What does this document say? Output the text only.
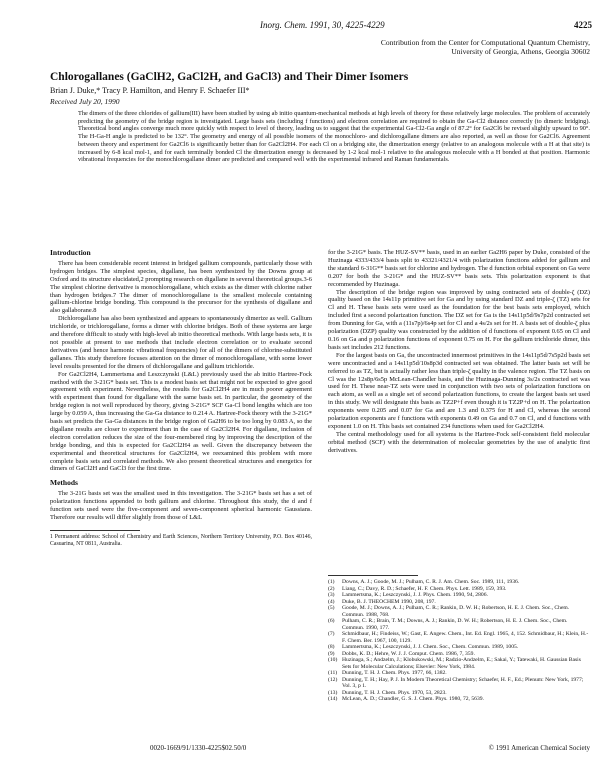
Inorg. Chem. 1991, 30, 4225-4229	4225
Contribution from the Center for Computational Quantum Chemistry,
University of Georgia, Athens, Georgia 30602
Chlorogallanes (GaClH2, GaCl2H, and GaCl3) and Their Dimer Isomers
Brian J. Duke,* Tracy P. Hamilton, and Henry F. Schaefer III*
Received July 20, 1990
The dimers of the three chlorides of gallium(III) have been studied by using ab initio quantum-mechanical methods at high levels of theory for these relatively large molecules. The problem of accurately predicting the geometry of the bridge region is investigated. Large basis sets (including f functions) and electron correlation are required to obtain the Ga-Cl2 distance correctly (to dimeric bridging). Theoretical bond angles converge much more quickly with respect to level of theory, leading us to suggest that the experimental Ga-Cl2-Ga angle of 87.2° for Ga2Cl6 be revised slightly upward to 90°. The H-Ga-H angle is predicted to be 132°. The geometry and energy of all possible isomers of the monochloro- and dichlorogallane dimers are also reported, as well as those for Ga2Cl6. Agreement between theory and experiment for Ga2Cl6 is significantly better than for Ga2Cl2H4. For each Cl on a bridging site, the dimerization energy (relative to an analogous molecule with a H at that site) is increased by 6-8 kcal mol-1, and for each terminally bonded Cl the dimerization energy is decreased by 1-2 kcal mol-1 relative to the analogous molecule with a H bonded at that position. Harmonic vibrational frequencies for the monochlorogallane dimer are predicted and compared well with the experimental infrared and Raman fundamentals.
Introduction

There has been considerable recent interest in bridged gallium compounds, particularly those with hydrogen bridges. The simplest species, digallane, has been synthesized by the Downs group at Oxford and its structure elucidated,2 prompting research on digallane in several theoretical groups.3-6 The simplest chlorine derivative is monochlorogallane, which exists as the dimer with chlorine rather than hydrogen bridges.7 The dimer of monochlorogallane is the smallest molecule containing gallium-chlorine bridge bonding. This compound is the precursor for the synthesis of digallane and also gallaborane.8

Dichlorogallane has also been synthesized and appears to spontaneously dimerize as well. Gallium trichloride, or trichlorogallane, forms a dimer with chlorine bridges. Both of these systems are large and therefore difficult to study with high-level ab initio theoretical methods. With large basis sets, it is not possible at present to use methods that include electron correlation or to evaluate second derivatives (and hence harmonic vibrational frequencies) for all of the dimers of chlorine-substituted gallanes. This study therefore focuses attention on the dimer of monochlorogallane, with some lower level results presented for the dimers of dichlorogallane and gallium trichloride.

For Ga2Cl2H4, Lammertsma and Leszczynski (L&L) previously used the ab initio Hartree-Fock method with the 3-21G* basis set. This is a modest basis set that might not be expected to give good agreement with experiment. Nevertheless, the results for Ga2Cl2H4 are in much poorer agreement with experiment than found for digallane with the same basis set. In particular, the geometry of the bridge region is not well reproduced by theory, giving 3-21G* SCF Ga-Cl bond lengths which are too large by 0.059 A, thus increasing the Ga-Ga distance to 0.214 A. Hartree-Fock theory with the 3-21G* basis set predicts the Ga-Ga distances in the bridge region of Ga2H6 to be too long by 0.083 A, so the digallane results are closer to experiment than in the case of Ga2Cl2H4. For digallane, inclusion of electron correlation reduces the size of the four-membered ring by improving the description of the bridge bonding, and this is expected for Ga2Cl2H4 as well. Given the discrepancy between the experimental and theoretical structures for Ga2Cl2H4, we reexamined this problem with more complete basis sets and correlated methods. We also present theoretical structures and energetics for dimers of GaCl2H and GaCl3 for the first time.

Methods

The 3-21G basis set was the smallest used in this investigation. The 3-21G* basis set has a set of polarization functions appended to both gallium and chlorine. Throughout this study, the d and f function sets used were the five-component and seven-component spherical harmonic Gaussians. Therefore our results will differ slightly from those of L&L

1 Permanent address: School of Chemistry and Earth Sciences, Northern Territory University, P.O. Box 40146, Casuarina, NT 0811, Australia.

for the 3-21G* basis. The HUZ-SV** basis, used in an earlier Ga2H6 paper by Duke, consisted of the Huzinaga 4333/433/4 basis split to 43321/4321/4 with polarization functions added for gallium and the standard 6-31G** basis set for chlorine and hydrogen. The d function orbital exponent on Ga were 0.207 for both the 3-21G* and the HUZ-SV** basis sets. This polarization exponent is that recommended by Huzinaga.

The description of the bridge region was improved by using contracted sets of double-ζ (DZ) quality based on the 14s11p primitive set for Ga and by using standard DZ and triple-ζ (TZ) sets for Cl and H. These basis sets were used as the foundation for the best basis sets employed, which included first a second polarization function. The DZ set for Ga is the 14s11p5d/9s7p2d contracted set from Dunning for Ga, with a (11s7p)/6s4p set for Cl and a 4s/2s set for H. A basis set of double-ζ plus polarization (DZP) quality was constructed by the addition of d functions of exponent 0.65 on Cl and 0.16 on Ga and p polarization functions of exponent 0.75 on H. For the gallium trichloride dimer, this basis set includes 212 functions.

For the largest basis on Ga, the uncontracted innermost primitives in the 14s11p5d/7s5p2d basis set were uncontracted and a 14s11p5d/10s8p3d contracted set was obtained. The latter basis set will be referred to as TZ, but is actually rather less than triple-ζ quality in the valence region. The TZ basis on Cl was the 12s8p/6s5p McLean-Chandler basis, and the Huzinaga-Dunning 3s/2s contracted set was used for H. These near-TZ sets were used in conjunction with two sets of polarization functions on each atom, as well as a single set of second polarization functions, to create the largest basis set used in this study. We will designate this basis as TZ2P+f even though it is TZ2P+d on H. The polarization exponents were 0.205 and 0.07 for Ga and are 1.3 and 0.375 for H and Cl, whereas the second polarization exponents are f functions with exponents 0.49 on Ga and 0.7 on Cl, and d functions with exponent 1.0 on H. This basis set contained 234 functions when used for Ga2Cl2H4.

The central methodology used for all systems is the Hartree-Fock self-consistent field molecular orbital method (SCF) with the determination of molecular geometries by the use of analytic first derivatives.

(1)	Downs, A. J.; Goode, M. J.; Pulham, C. R. J. Am. Chem. Soc. 1989, 111, 1936.
(2)	Liang, C.; Davy, R. D.; Schaefer, H. F. Chem. Phys. Lett. 1989, 159, 393.
(3)	Lammertsma, K.; Leszczynski, J. J. Phys. Chem. 1990, 94, 2806.
(4)	Duke, B. J. THEOCHEM 1990, 208, 197.
(5)	Goode, M. J.; Downs, A. J.; Pulham, C. R.; Rankin, D. W. H.; Robertson, H. E. J. Chem. Soc., Chem. Commun. 1988, 768.
(6)	Pulham, C. R.; Brain, T. M.; Downs, A. J.; Rankin, D. W. H.; Robertson, H. E. J. Chem. Soc., Chem. Commun. 1990, 177.
(7)	Schmidbaur, H.; Findeiss, W.; Gast, E. Angew. Chem., Int. Ed. Engl. 1965, 4, 152. Schmidbaur, H.; Klein, H.-F. Chem. Ber. 1967, 100, 1129.
(8)	Lammertsma, K.; Leszczynski, J. J. Chem. Soc., Chem. Commun. 1989, 1005.
(9)	Dobbs, K. D.; Hehre, W. J. J. Comput. Chem. 1986, 7, 359.
(10) Huzinaga, S.; Andzelm, J.; Klobukowski, M.; Radzio-Andzelm, E.; Sakai, Y.; Tatewaki, H. Gaussian Basis Sets for Molecular Calculations; Elsevier: New York, 1984.
(11) Dunning, T. H. J. Chem. Phys. 1977, 66, 1382.
(12) Dunning, T. H.; Hay, P. J. In Modern Theoretical Chemistry; Schaefer, H. F., Ed.; Plenum: New York, 1977; Vol. 3, p 1.
(13) Dunning, T. H. J. Chem. Phys. 1970, 53, 2823.
(14) McLean, A. D.; Chandler, G. S. J. Chem. Phys. 1980, 72, 5639.
0020-1669/91/1330-4225$02.50/0	© 1991 American Chemical Society
